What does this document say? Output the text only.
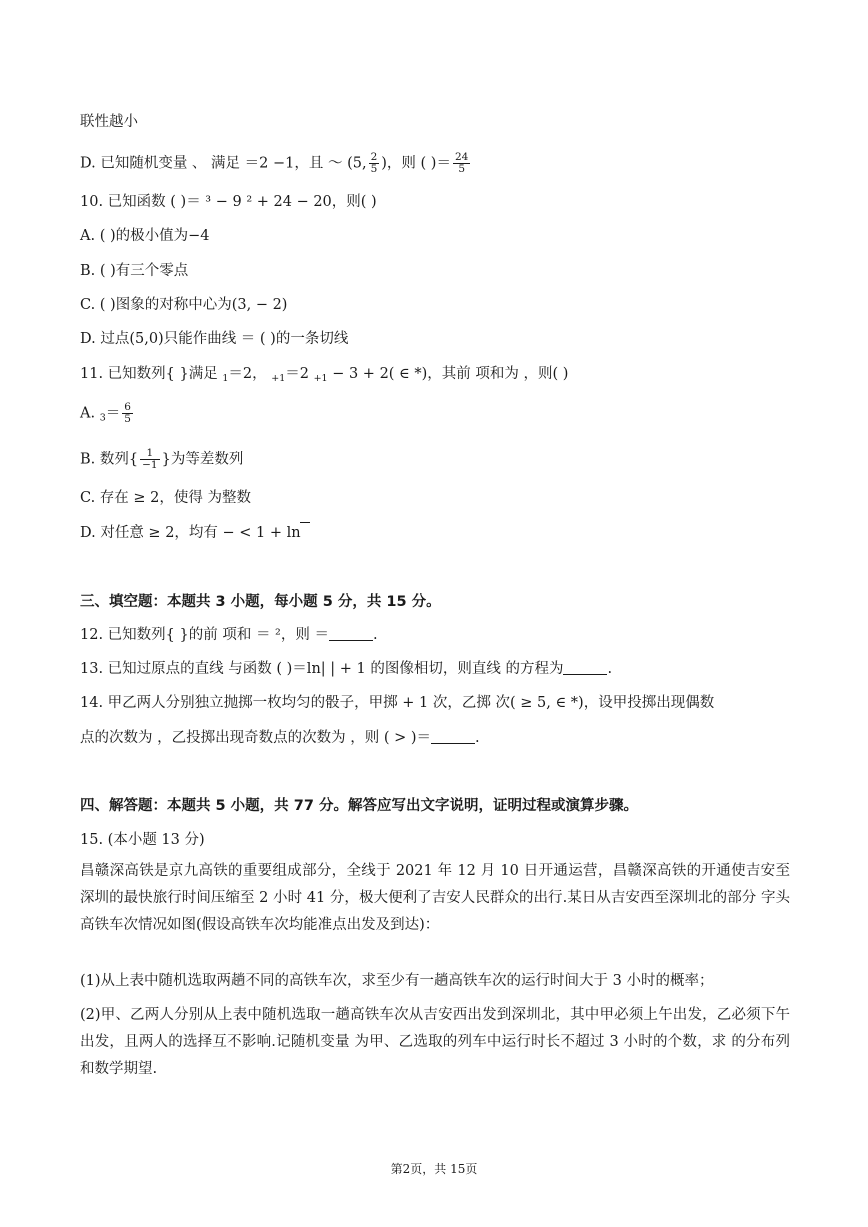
联性越小
D. 已知随机变量 、 满足 ＝2 −1，且 ～ (5, $\frac{2}{5}$ )，则 ( )＝ $\frac{24}{5}$
10. 已知函数 ( )＝ ³ − 9 ² + 24 − 20，则( )
A. ( )的极小值为−4
B. ( )有三个零点
C. ( )图象的对称中心为(3, − 2)
D. 过点(5,0)只能作曲线 ＝ ( )的一条切线
11. 已知数列{ }满足 $_1$＝2， $_{+1}$＝2 $_{+1}$ − 3 + 2( ∈ *)，其前 项和为 ，则( )
A. $_3= \frac{6}{5}$
B. 数列{ $\frac{1}{-1}$ }为等差数列
C. 存在 ≥ 2，使得 为整数
D. 对任意 ≥ 2，均有 − < 1 + ln
三、填空题：本题共 3 小题，每小题 5 分，共 15 分。
12. 已知数列{ }的前 项和 ＝ ²，则 ＝	.
13. 已知过原点的直线 与函数 ( )＝ln| | + 1 的图像相切，则直线 的方程为	.
14. 甲乙两人分别独立抛掷一枚均匀的骰子，甲掷 + 1 次，乙掷 次( ≥ 5, ∈ *)，设甲投掷出现偶数
点的次数为 ，乙投掷出现奇数点的次数为 ，则 ( > )＝	.
四、解答题：本题共 5 小题，共 77 分。解答应写出文字说明，证明过程或演算步骤。
15. (本小题 13 分)
昌赣深高铁是京九高铁的重要组成部分，全线于 2021 年 12 月 10 日开通运营，昌赣深高铁的开通使吉安至深圳的最快旅行时间压缩至 2 小时 41 分，极大便利了吉安人民群众的出行.某日从吉安西至深圳北的部分 字头高铁车次情况如图(假设高铁车次均能准点出发及到达)：
(1)从上表中随机选取两趟不同的高铁车次，求至少有一趟高铁车次的运行时间大于 3 小时的概率；
(2)甲、乙两人分别从上表中随机选取一趟高铁车次从吉安西出发到深圳北，其中甲必须上午出发，乙必须下午出发，且两人的选择互不影响.记随机变量 为甲、乙选取的列车中运行时长不超过 3 小时的个数，求 的分布列和数学期望.
第2页，共 15页
